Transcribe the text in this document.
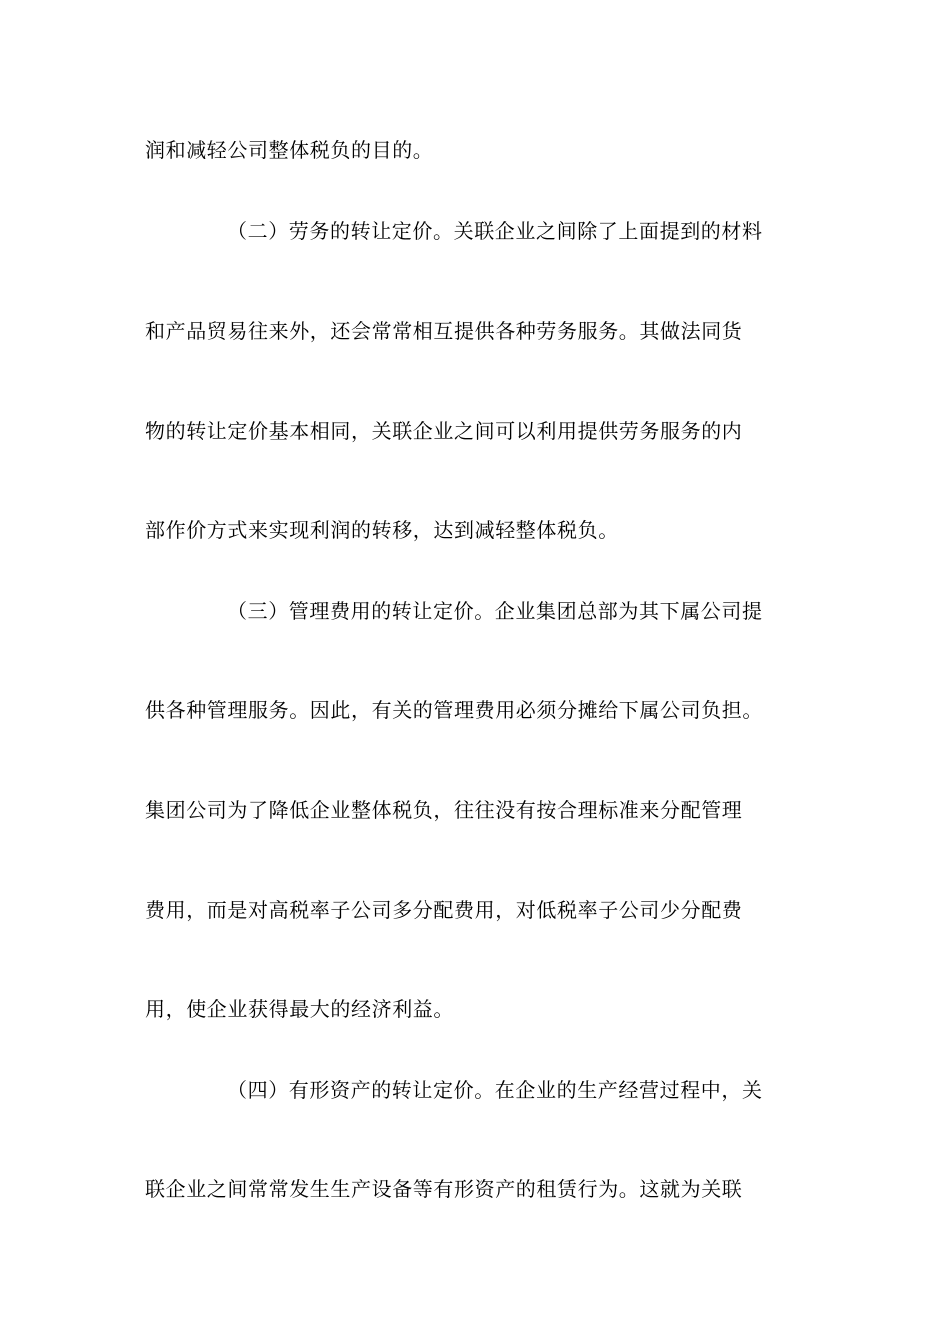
润和减轻公司整体税负的目的。
（二）劳务的转让定价。关联企业之间除了上面提到的材料
和产品贸易往来外，还会常常相互提供各种劳务服务。其做法同货
物的转让定价基本相同，关联企业之间可以利用提供劳务服务的内
部作价方式来实现利润的转移，达到减轻整体税负。
（三）管理费用的转让定价。企业集团总部为其下属公司提
供各种管理服务。因此，有关的管理费用必须分摊给下属公司负担。
集团公司为了降低企业整体税负，往往没有按合理标准来分配管理
费用，而是对高税率子公司多分配费用，对低税率子公司少分配费
用，使企业获得最大的经济利益。
（四）有形资产的转让定价。在企业的生产经营过程中，关
联企业之间常常发生生产设备等有形资产的租赁行为。这就为关联
